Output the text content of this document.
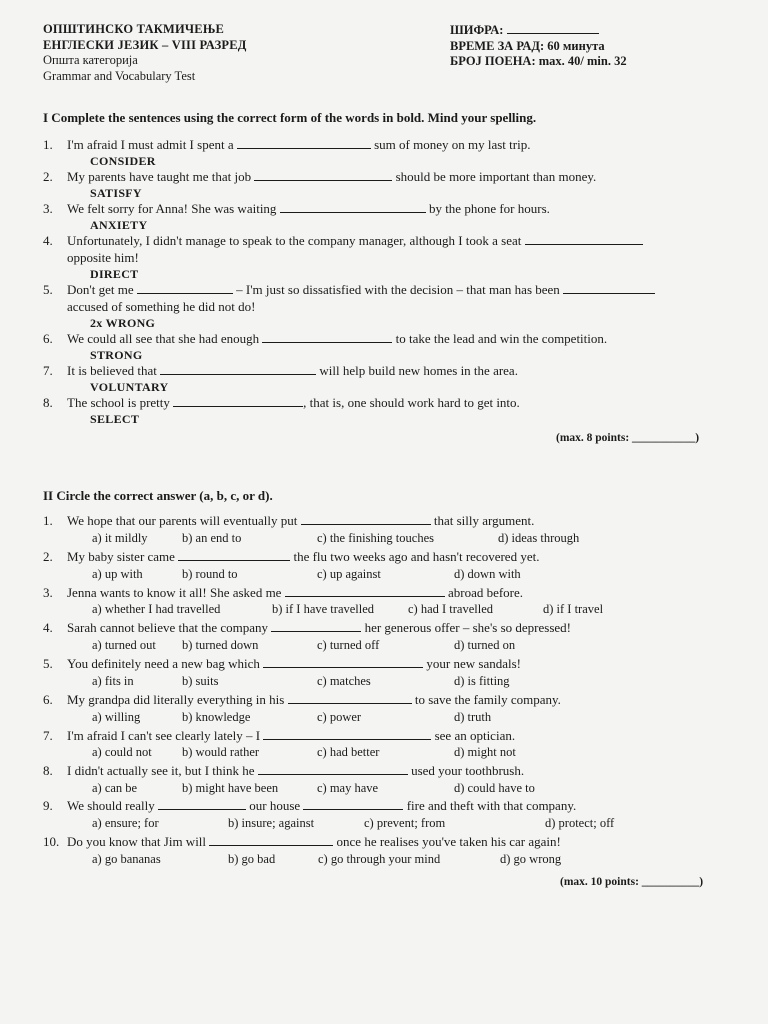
ОПШТИНСКО ТАКМИЧЕЊЕ
ЕНГЛЕСКИ ЈЕЗИК – VIII РАЗРЕД
Општа категорија
Grammar and Vocabulary Test
ШИФРА:
ВРЕМЕ ЗА РАД: 60 минута
БРОЈ ПОЕНА: max. 40/ min. 32
I Complete the sentences using the correct form of the words in bold. Mind your spelling.
1. I'm afraid I must admit I spent a	sum of money on my last trip.
CONSIDER
2. My parents have taught me that job	should be more important than money.
SATISFY
3. We felt sorry for Anna! She was waiting	by the phone for hours.
ANXIETY
4. Unfortunately, I didn't manage to speak to the company manager, although I took a seat
opposite him!
DIRECT
5. Don't get me	– I'm just so dissatisfied with the decision – that man has been
accused of something he did not do!
2x WRONG
6. We could all see that she had enough	to take the lead and win the competition.
STRONG
7. It is believed that	will help build new homes in the area.
VOLUNTARY
8. The school is pretty	, that is, one should work hard to get into.
SELECT
(max. 8 points: ___________)
II Circle the correct answer (a, b, c, or d).
1. We hope that our parents will eventually put	that silly argument.
a) it mildly	b) an end to	c) the finishing touches	d) ideas through
2. My baby sister came	the flu two weeks ago and hasn't recovered yet.
a) up with	b) round to	c) up against	d) down with
3. Jenna wants to know it all! She asked me	abroad before.
a) whether I had travelled	b) if I have travelled	c) had I travelled	d) if I travel
4. Sarah cannot believe that the company	her generous offer – she's so depressed!
a) turned out b) turned down	c) turned off	d) turned on
5. You definitely need a new bag which	your new sandals!
a) fits in	b) suits	c) matches	d) is fitting
6. My grandpa did literally everything in his	to save the family company.
a) willing	b) knowledge	c) power	d) truth
7. I'm afraid I can't see clearly lately – I	see an optician.
a) could not b) would rather	c) had better	d) might not
8. I didn't actually see it, but I think he	used your toothbrush.
a) can be	b) might have been	c) may have	d) could have to
9. We should really	our house	fire and theft with that company.
a) ensure; for	b) insure; against	c) prevent; from	d) protect; off
10. Do you know that Jim will	once he realises you've taken his car again!
a) go bananas	b) go bad	c) go through your mind	d) go wrong
(max. 10 points: __________)
